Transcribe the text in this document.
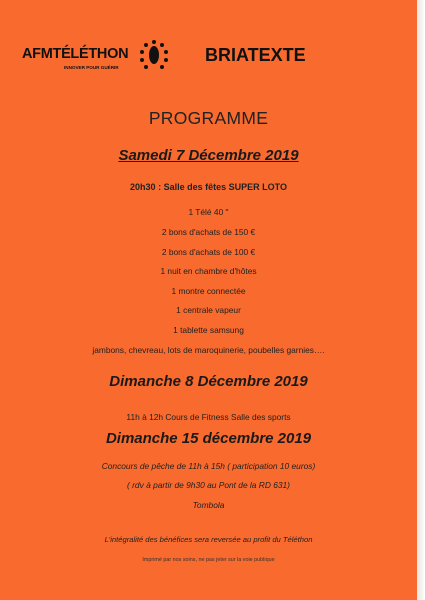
AFMTÉLÉTHON
INNOVER POUR GUÉRIR
BRIATEXTE
PROGRAMME
Samedi 7 Décembre 2019
20h30 : Salle des fêtes SUPER LOTO
1 Télé 40 "
2 bons d'achats de 150 €
2 bons d'achats de 100 €
1 nuit en chambre d'hôtes
1 montre connectée
1 centrale vapeur
1 tablette samsung
jambons, chevreau, lots de maroquinerie, poubelles garnies….
Dimanche 8 Décembre 2019
11h à 12h Cours de Fitness Salle des sports
Dimanche 15 décembre 2019
Concours de pêche de 11h à 15h ( participation 10 euros)
( rdv à partir de 9h30 au Pont de la RD 631)
Tombola
L'intégralité des bénéfices sera reversée au profit du Téléthon
Imprimé par nos soins, ne pas jeter sur la voie publique
